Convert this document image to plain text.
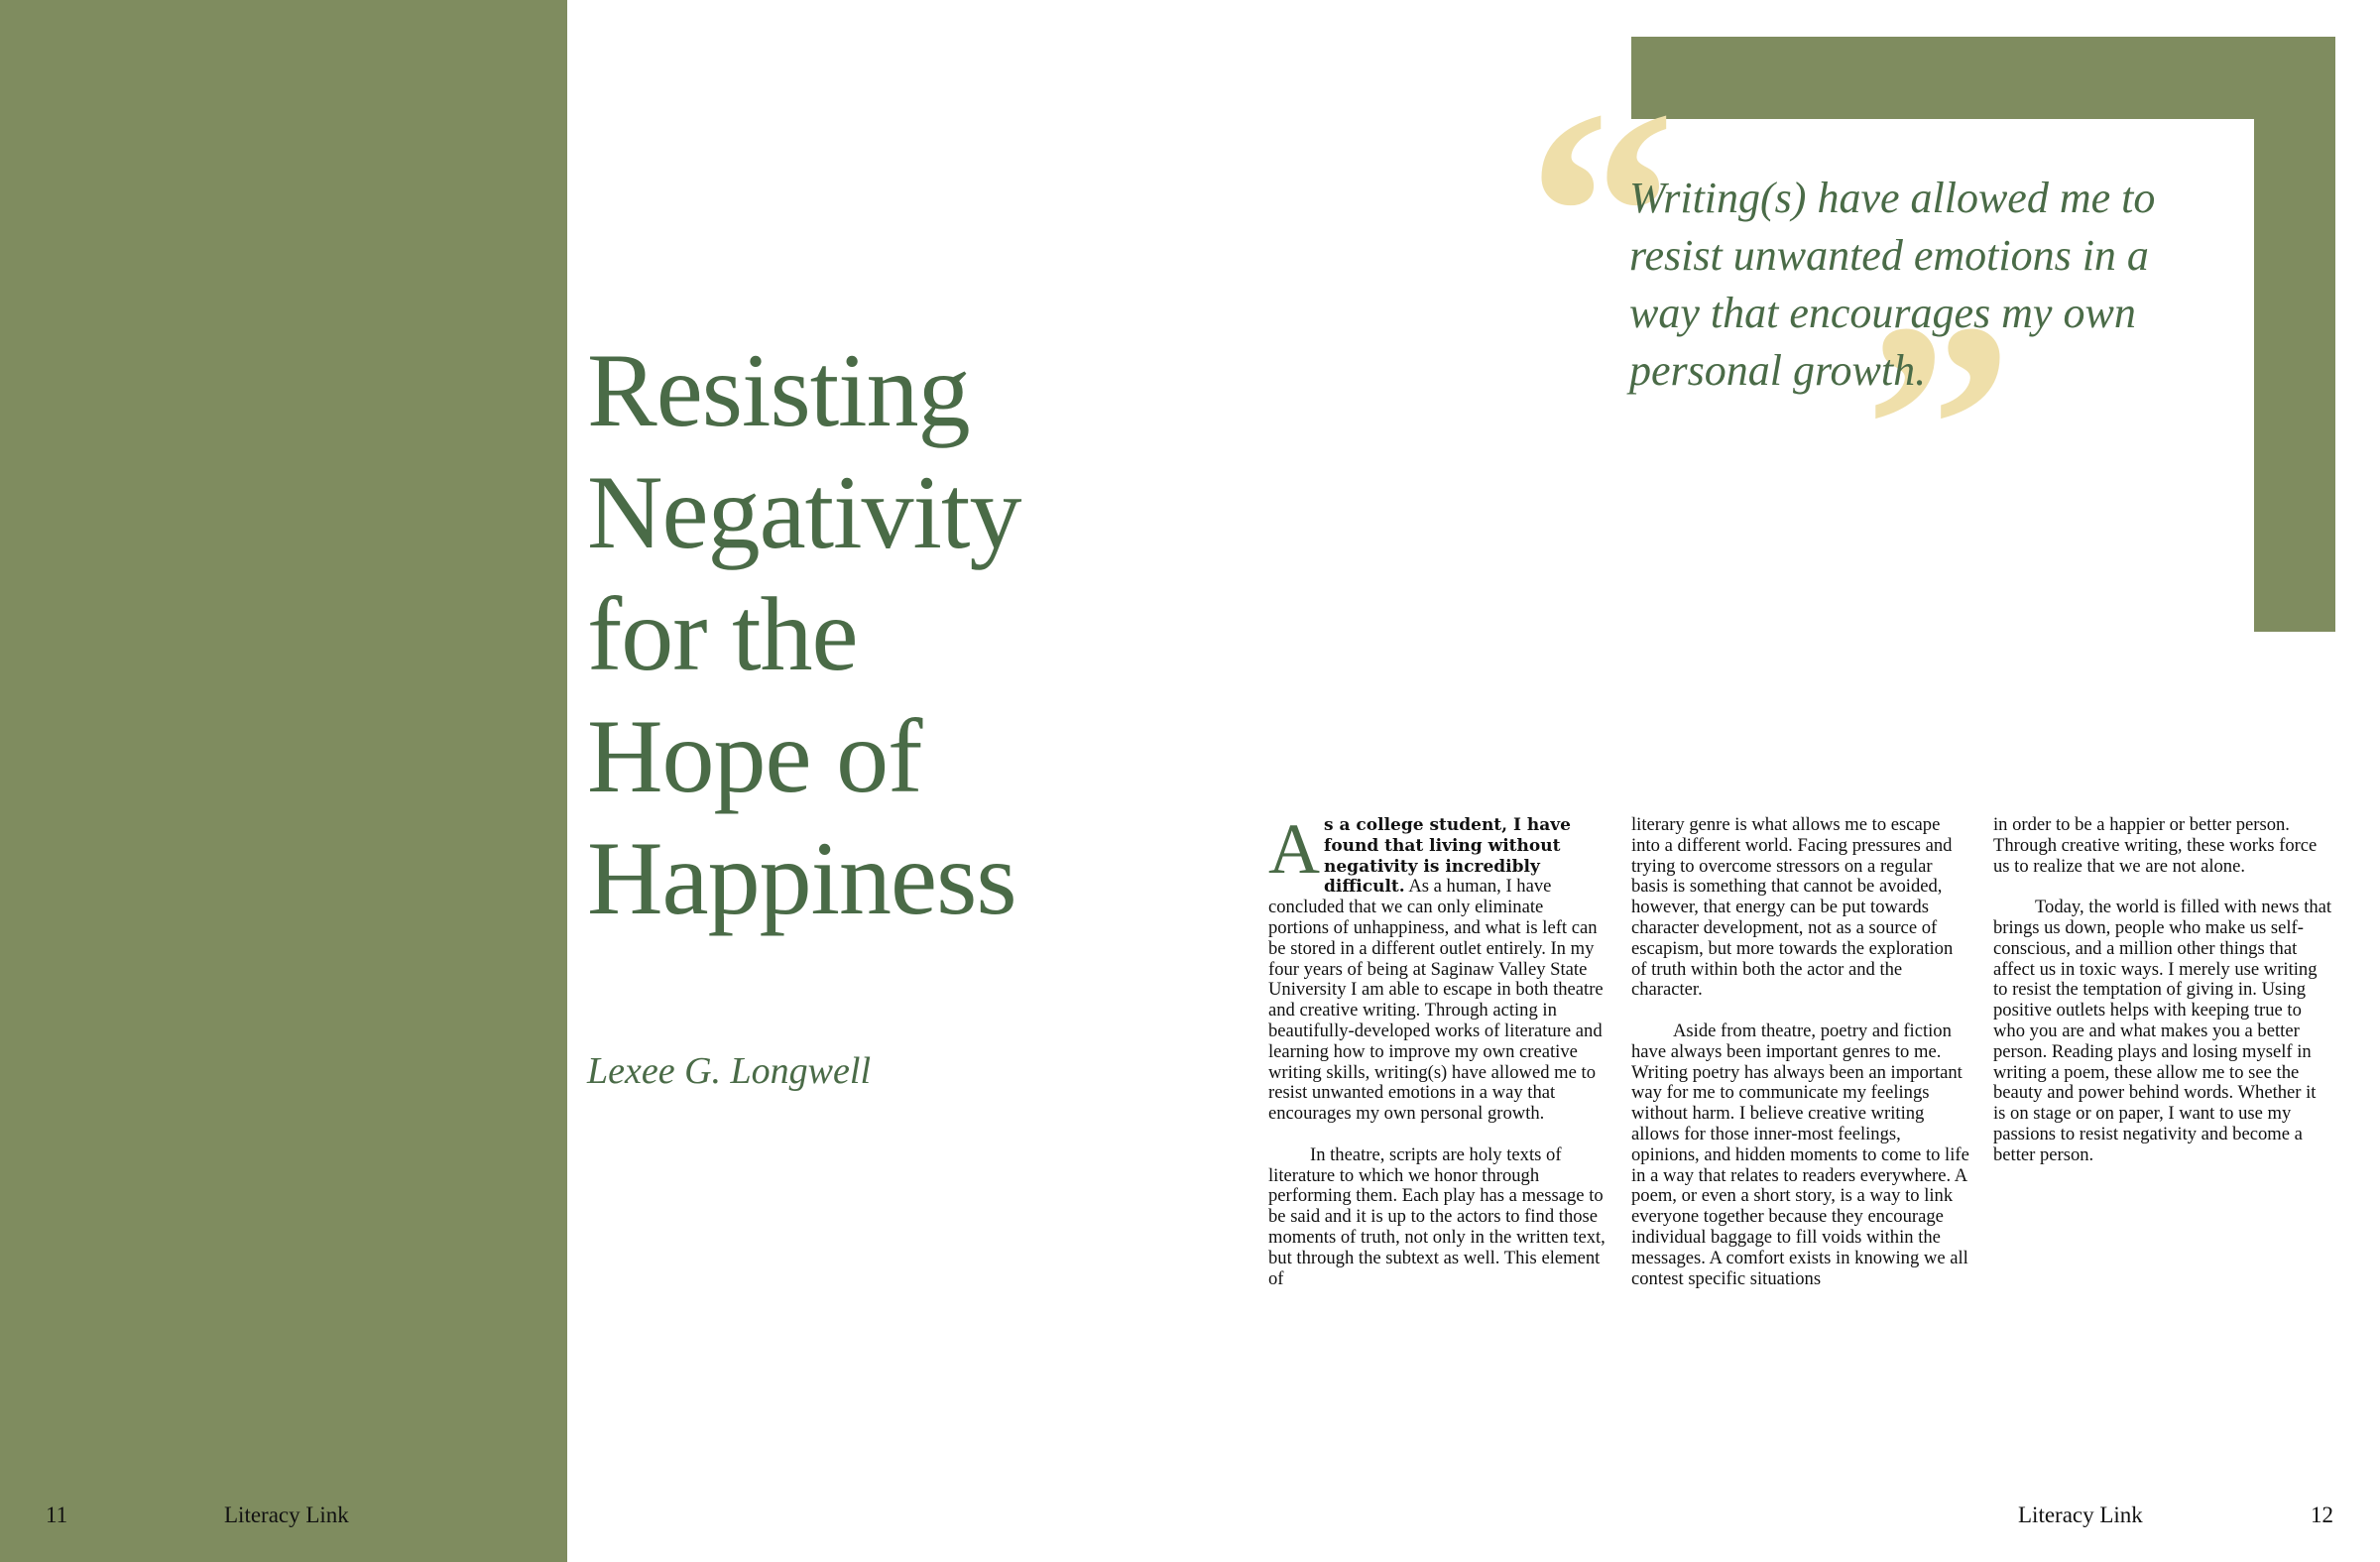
11	Literacy Link	Literacy Link	12
Resisting
Negativity
for the
Hope of
Happiness
Lexee G. Longwell
“
”

Writing(s) have allowed me to resist unwanted emotions in a way that encourages my own personal growth.

As a college student, I have found that living without negativity is incredibly difficult. As a human, I have concluded that we can only eliminate portions of unhappiness, and what is left can be stored in a different outlet entirely. In my four years of being at Saginaw Valley State University I am able to escape in both theatre and creative writing. Through acting in beautifully-developed works of literature and learning how to improve my own creative writing skills, writing(s) have allowed me to resist unwanted emotions in a way that encourages my own personal growth.

In theatre, scripts are holy texts of literature to which we honor through performing them. Each play has a message to be said and it is up to the actors to find those moments of truth, not only in the written text, but through the subtext as well. This element of

literary genre is what allows me to escape into a different world. Facing pressures and trying to overcome stressors on a regular basis is something that cannot be avoided, however, that energy can be put towards character development, not as a source of escapism, but more towards the exploration of truth within both the actor and the character.

Aside from theatre, poetry and fiction have always been important genres to me. Writing poetry has always been an important way for me to communicate my feelings without harm. I believe creative writing allows for those inner-most feelings, opinions, and hidden moments to come to life in a way that relates to readers everywhere. A poem, or even a short story, is a way to link everyone together because they encourage individual baggage to fill voids within the messages. A comfort exists in knowing we all contest specific situations

in order to be a happier or better person. Through creative writing, these works force us to realize that we are not alone.

Today, the world is filled with news that brings us down, people who make us self-conscious, and a million other things that affect us in toxic ways. I merely use writing to resist the temptation of giving in. Using positive outlets helps with keeping true to who you are and what makes you a better person. Reading plays and losing myself in writing a poem, these allow me to see the beauty and power behind words. Whether it is on stage or on paper, I want to use my passions to resist negativity and become a better person.
